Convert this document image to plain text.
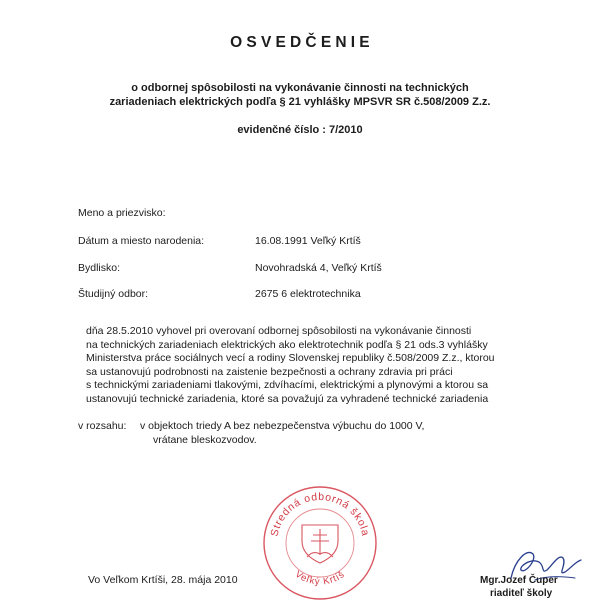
OSVEDČENIE
o odbornej spôsobilosti na vykonávanie činnosti na technických
zariadeniach elektrických podľa § 21 vyhlášky MPSVR SR č.508/2009 Z.z.
evidenčné číslo : 7/2010
Meno a priezvisko:
Dátum a miesto narodenia:	16.08.1991 Veľký Krtíš
Bydlisko:	Novohradská 4, Veľký Krtíš
Študijný odbor:	2675 6 elektrotechnika
dňa 28.5.2010 vyhovel pri overovaní odbornej spôsobilosti na vykonávanie činnosti
na technických zariadeniach elektrických ako elektrotechnik podľa § 21 ods.3 vyhlášky
Ministerstva práce sociálnych vecí a rodiny Slovenskej republiky č.508/2009 Z.z., ktorou
sa ustanovujú podrobnosti na zaistenie bezpečnosti a ochrany zdravia pri práci
s technickými zariadeniami tlakovými, zdvíhacími, elektrickými a plynovými a ktorou sa
ustanovujú technické zariadenia, ktoré sa považujú za vyhradené technické zariadenia
v rozsahu: v objektoch triedy A bez nebezpečenstva výbuchu do 1000 V,
vrátane bleskozvodov.
Stredná odborná škola
Veľký Krtíš
Vo Veľkom Krtíši, 28. mája 2010	Mgr.Jozef Čuper
riaditeľ školy
